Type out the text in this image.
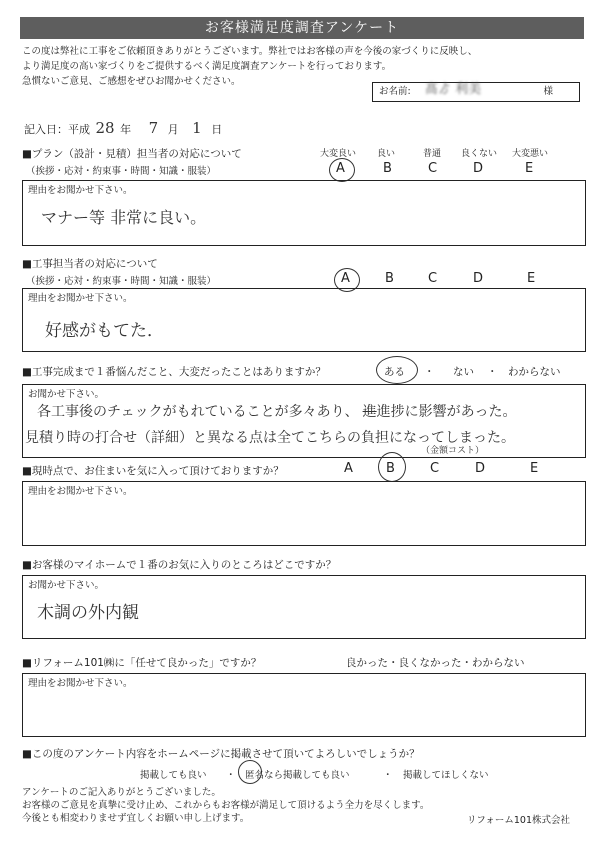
お客様満足度調査アンケート
この度は弊社に工事をご依頼頂きありがとうございます。弊社ではお客様の声を今後の家づくりに反映し、
より満足度の高い家づくりをご提供するべく満足度調査アンケートを行っております。
急慣ないご意見、ご感想をぜひお聞かせください。
お名前: 髙ゟ 利美	様
記入日：平成 28 年 7 月 1 日
大変良い 良い	普通 良くない 大変悪い
■プラン（設計・見積）担当者の対応について
（挨拶・応対・約束事・時間・知識・服装）	A	B	C	D	E
理由をお聞かせ下さい。
マナー等 非常に良い。
■工事担当者の対応について
（挨拶・応対・約束事・時間・知識・服装）	A	B	C	D	E
理由をお聞かせ下さい。
好感がもてた．
■工事完成まで１番悩んだこと、大変だったことはありますか？	ある ・ ない ・ わからない
お聞かせ下さい。
各工事後のチェックがもれていることが多々あり、 進進捗に影響があった。
見積り時の打合せ（詳細）と異なる点は全てこちらの負担になってしまった。
（金額コスト）
■現時点で、お住まいを気に入って頂けておりますか？	A	B	C	D	E
理由をお聞かせ下さい。
■お客様のマイホームで１番のお気に入りのところはどこですか？
お聞かせ下さい。
木調の外内観
■リフォーム101㈱に「任せて良かった」ですか？	良かった・良くなかった・わからない
理由をお聞かせ下さい。
■この度のアンケート内容をホームページに掲載させて頂いてよろしいでしょうか？
掲載しても良い ・ 匿名なら掲載しても良い	・ 掲載してほしくない
アンケートのご記入ありがとうございました。
お客様のご意見を真摯に受け止め、これからもお客様が満足して頂けるよう全力を尽くします。
今後とも相変わりませず宜しくお願い申し上げます。	リフォーム101株式会社
